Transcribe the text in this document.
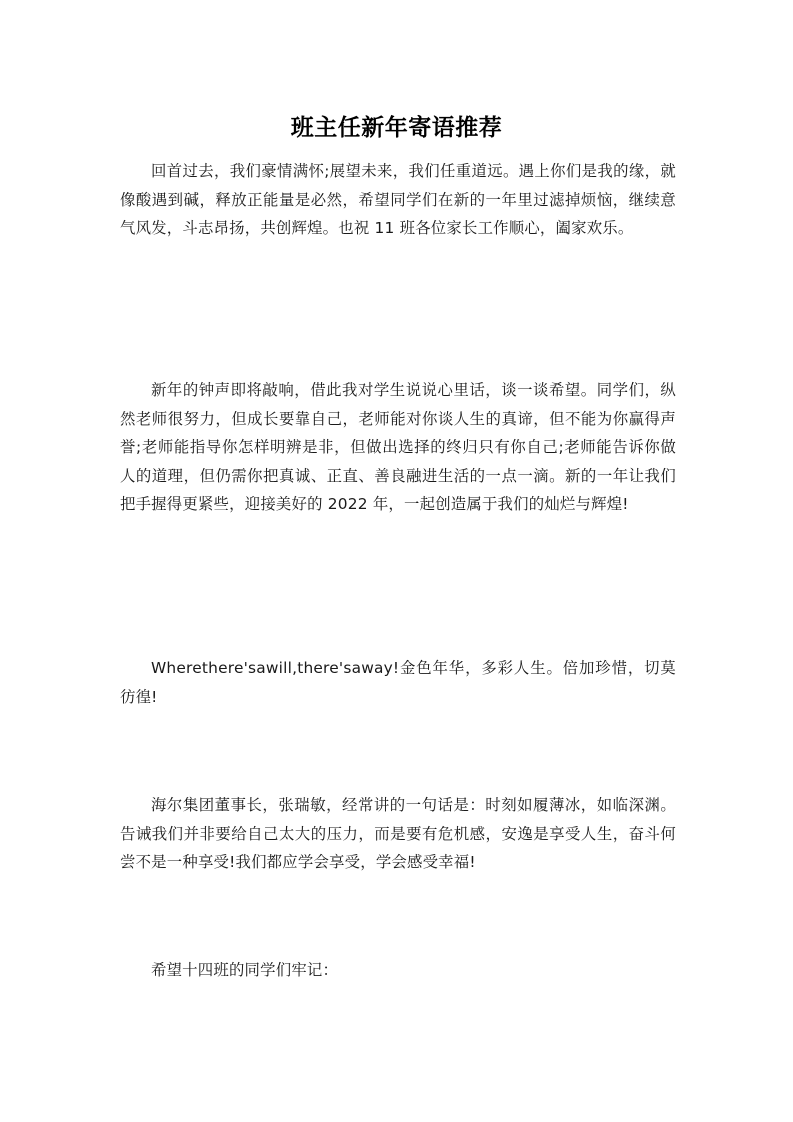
班主任新年寄语推荐

回首过去，我们豪情满怀;展望未来，我们任重道远。遇上你们是我的缘，就像酸遇到碱，释放正能量是必然，希望同学们在新的一年里过滤掉烦恼，继续意气风发，斗志昂扬，共创辉煌。也祝 11 班各位家长工作顺心，阖家欢乐。

新年的钟声即将敲响，借此我对学生说说心里话，谈一谈希望。同学们，纵然老师很努力，但成长要靠自己，老师能对你谈人生的真谛，但不能为你赢得声誉;老师能指导你怎样明辨是非，但做出选择的终归只有你自己;老师能告诉你做人的道理，但仍需你把真诚、正直、善良融进生活的一点一滴。新的一年让我们把手握得更紧些，迎接美好的 2022 年，一起创造属于我们的灿烂与辉煌!

Wherethere'sawill,there'saway!金色年华，多彩人生。倍加珍惜，切莫彷徨!

海尔集团董事长，张瑞敏，经常讲的一句话是：时刻如履薄冰，如临深渊。告诫我们并非要给自己太大的压力，而是要有危机感，安逸是享受人生，奋斗何尝不是一种享受!我们都应学会享受，学会感受幸福!

希望十四班的同学们牢记：
